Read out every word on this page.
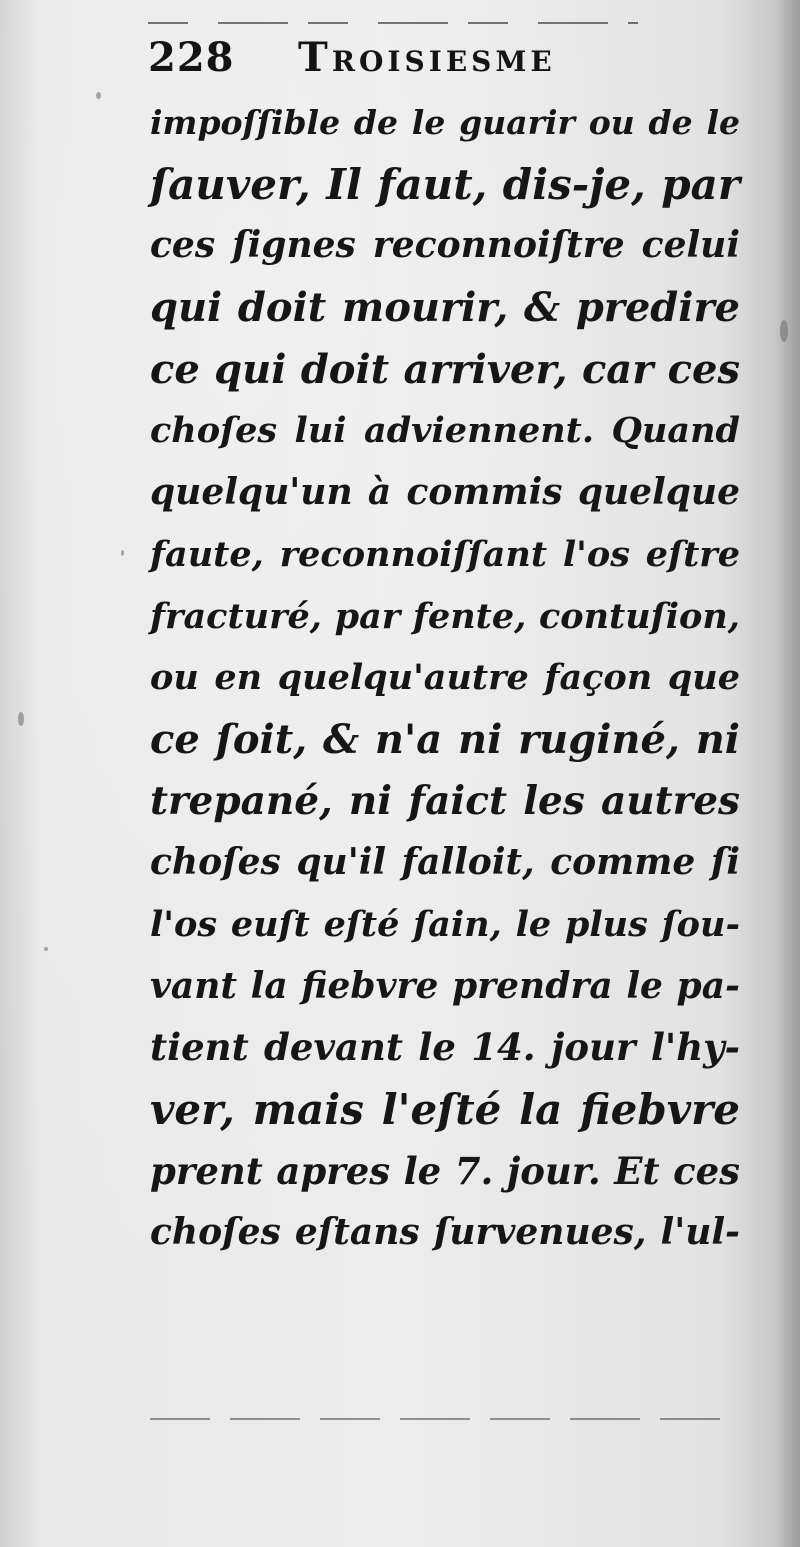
228 Troisiesme
impoſſible de le guarir ou de le
ſauver, Il faut, dis-je, par
ces ſignes reconnoiſtre celui
qui doit mourir, & predire
ce qui doit arriver, car ces
choſes lui adviennent. Quand
quelqu'un à commis quelque
faute, reconnoiſſant l'os eſtre
fracturé, par fente, contuſion,
ou en quelqu'autre façon que
ce ſoit, & n'a ni ruginé, ni
trepané, ni faict les autres
choſes qu'il falloit, comme ſi
l'os euſt eſté ſain, le plus ſou-
vant la fiebvre prendra le pa-
tient devant le 14. jour l'hy-
ver, mais l'eſté la fiebvre
prent apres le 7. jour. Et ces
choſes eſtans ſurvenues, l'ul-
